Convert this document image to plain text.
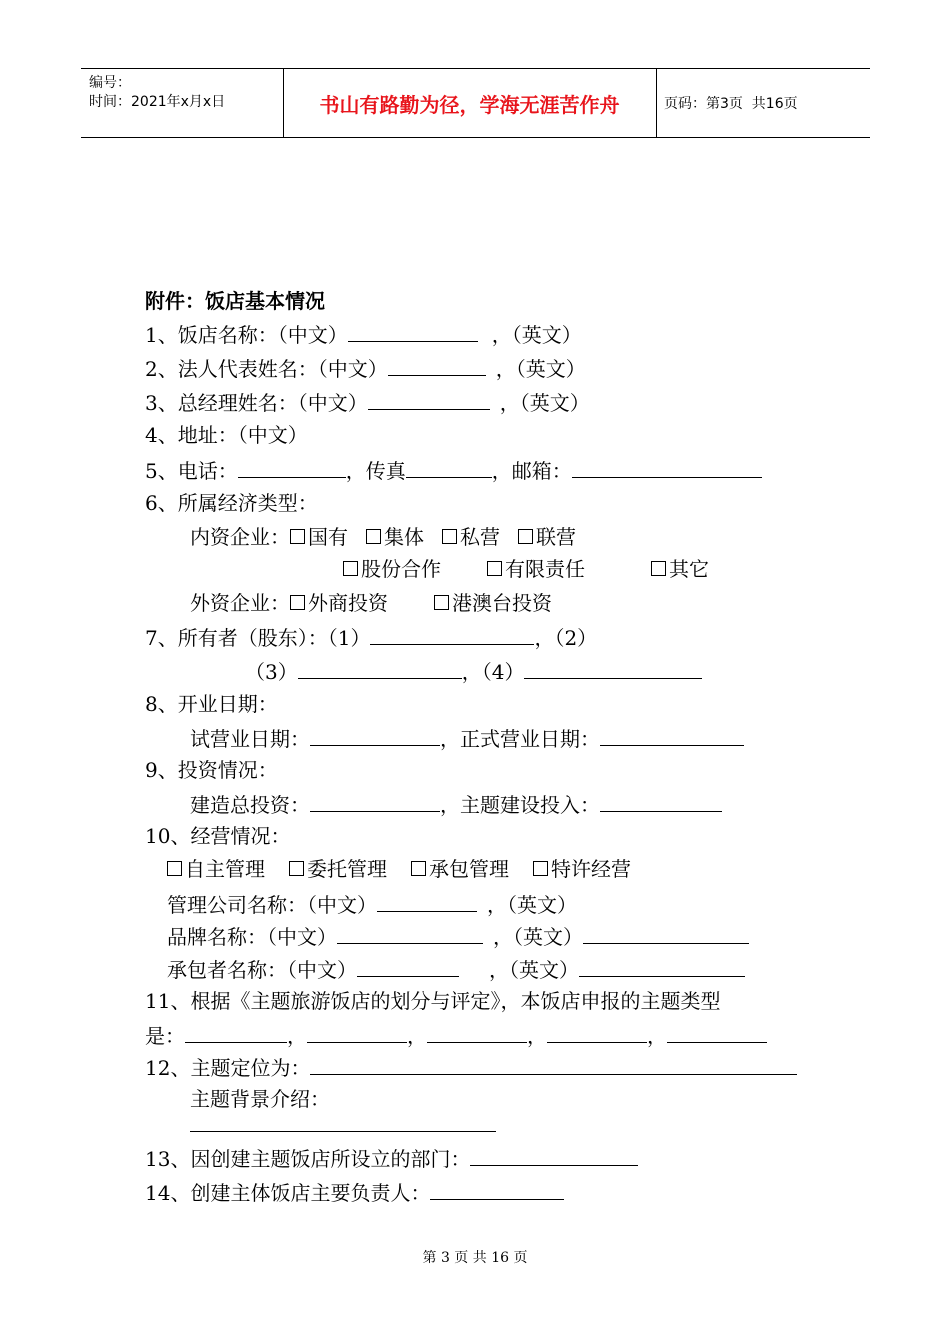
编号：
时间：2021年x月x日	书山有路勤为径，学海无涯苦作舟	页码：第3页  共16页
附件：饭店基本情况
1、饭店名称：（中文）	，（英文）
2、法人代表姓名：（中文）	，（英文）
3、总经理姓名：（中文）	，（英文）
4、地址：（中文）
5、电话：	，传真	，邮箱：
6、所属经济类型：
内资企业： 国有 集体 私营 联营
股份合作	有限责任	其它
外资企业： 外商投资	港澳台投资
7、所有者（股东）：（1）	，（2）
（3）	，（4）
8、开业日期：
试营业日期：	，正式营业日期：
9、投资情况：
建造总投资：	，主题建设投入：
10、经营情况：
自主管理 委托管理 承包管理 特许经营
管理公司名称：（中文）	，（英文）
品牌名称：（中文）	，（英文）
承包者名称：（中文）	，（英文）
11、根据《主题旅游饭店的划分与评定》，本饭店申报的主题类型
是：	，	，	，	，
12、主题定位为：
主题背景介绍：
13、因创建主题饭店所设立的部门：
14、创建主体饭店主要负责人：
第 3 页 共 16 页
